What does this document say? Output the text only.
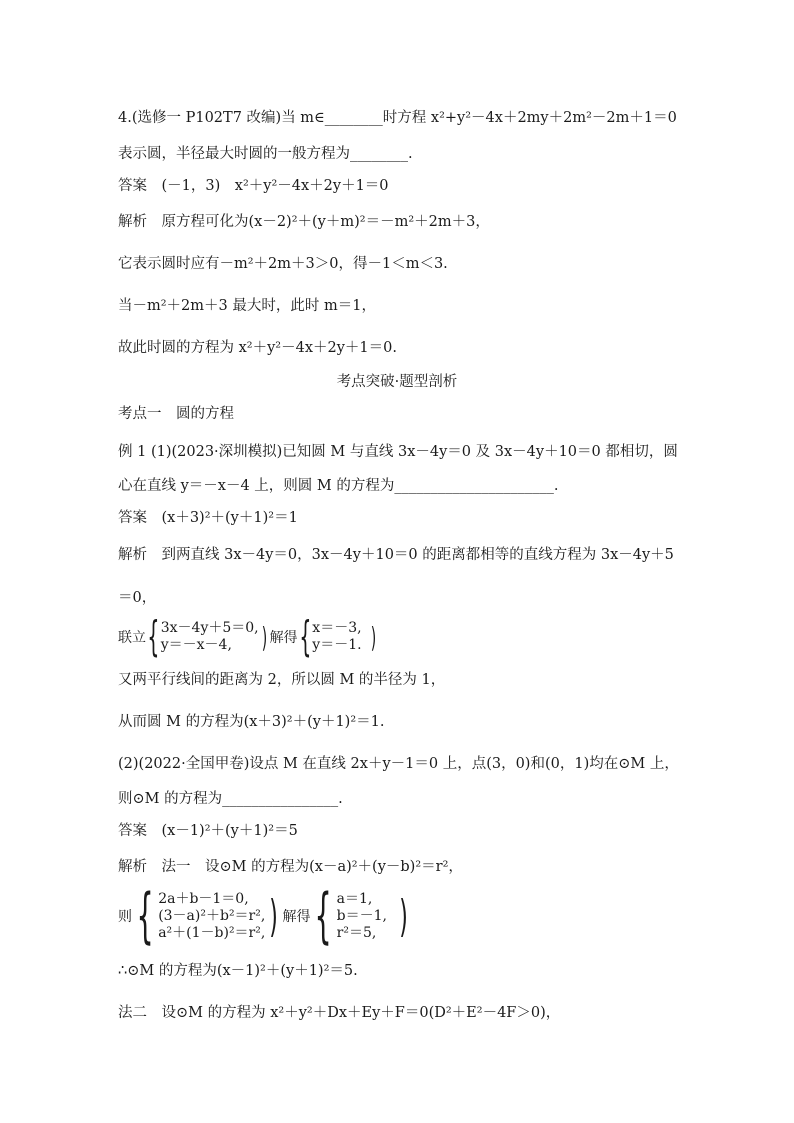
4.(选修一 P102T7 改编)当 m∈________时方程 x²+y²－4x＋2my＋2m²－2m＋1＝0
表示圆，半径最大时圆的一般方程为________.
答案　(－1，3)　x²＋y²－4x＋2y＋1＝0
解析　原方程可化为(x－2)²＋(y＋m)²＝－m²＋2m＋3，
它表示圆时应有－m²＋2m＋3＞0，得－1＜m＜3.
当－m²＋2m＋3 最大时，此时 m＝1，
故此时圆的方程为 x²＋y²－4x＋2y＋1＝0.
考点突破·题型剖析
考点一　圆的方程
例 1 (1)(2023·深圳模拟)已知圆 M 与直线 3x－4y＝0 及 3x－4y＋10＝0 都相切，圆
心在直线 y＝－x－4 上，则圆 M 的方程为______________________.
答案　(x＋3)²＋(y＋1)²＝1
解析　到两直线 3x－4y＝0，3x－4y＋10＝0 的距离都相等的直线方程为 3x－4y＋5
＝0，
联立 { 3x－4y＋5＝0,
y＝－x－4,	) 解得 { x＝－3,
y＝－1. )
又两平行线间的距离为 2，所以圆 M 的半径为 1，
从而圆 M 的方程为(x＋3)²＋(y＋1)²＝1.
(2)(2022·全国甲卷)设点 M 在直线 2x＋y－1＝0 上，点(3，0)和(0，1)均在⊙M 上，
则⊙M 的方程为________________.
答案　(x－1)²＋(y＋1)²＝5
解析　法一　设⊙M 的方程为(x－a)²＋(y－b)²＝r²，
则 { 2a＋b－1＝0,
(3－a)²＋b²＝r²,
a²＋(1－b)²＝r², ) 解得 { a＝1,
b＝－1,
r²＝5, )
∴⊙M 的方程为(x－1)²＋(y＋1)²＝5.
法二　设⊙M 的方程为 x²＋y²＋Dx＋Ey＋F＝0(D²＋E²－4F＞0)，
